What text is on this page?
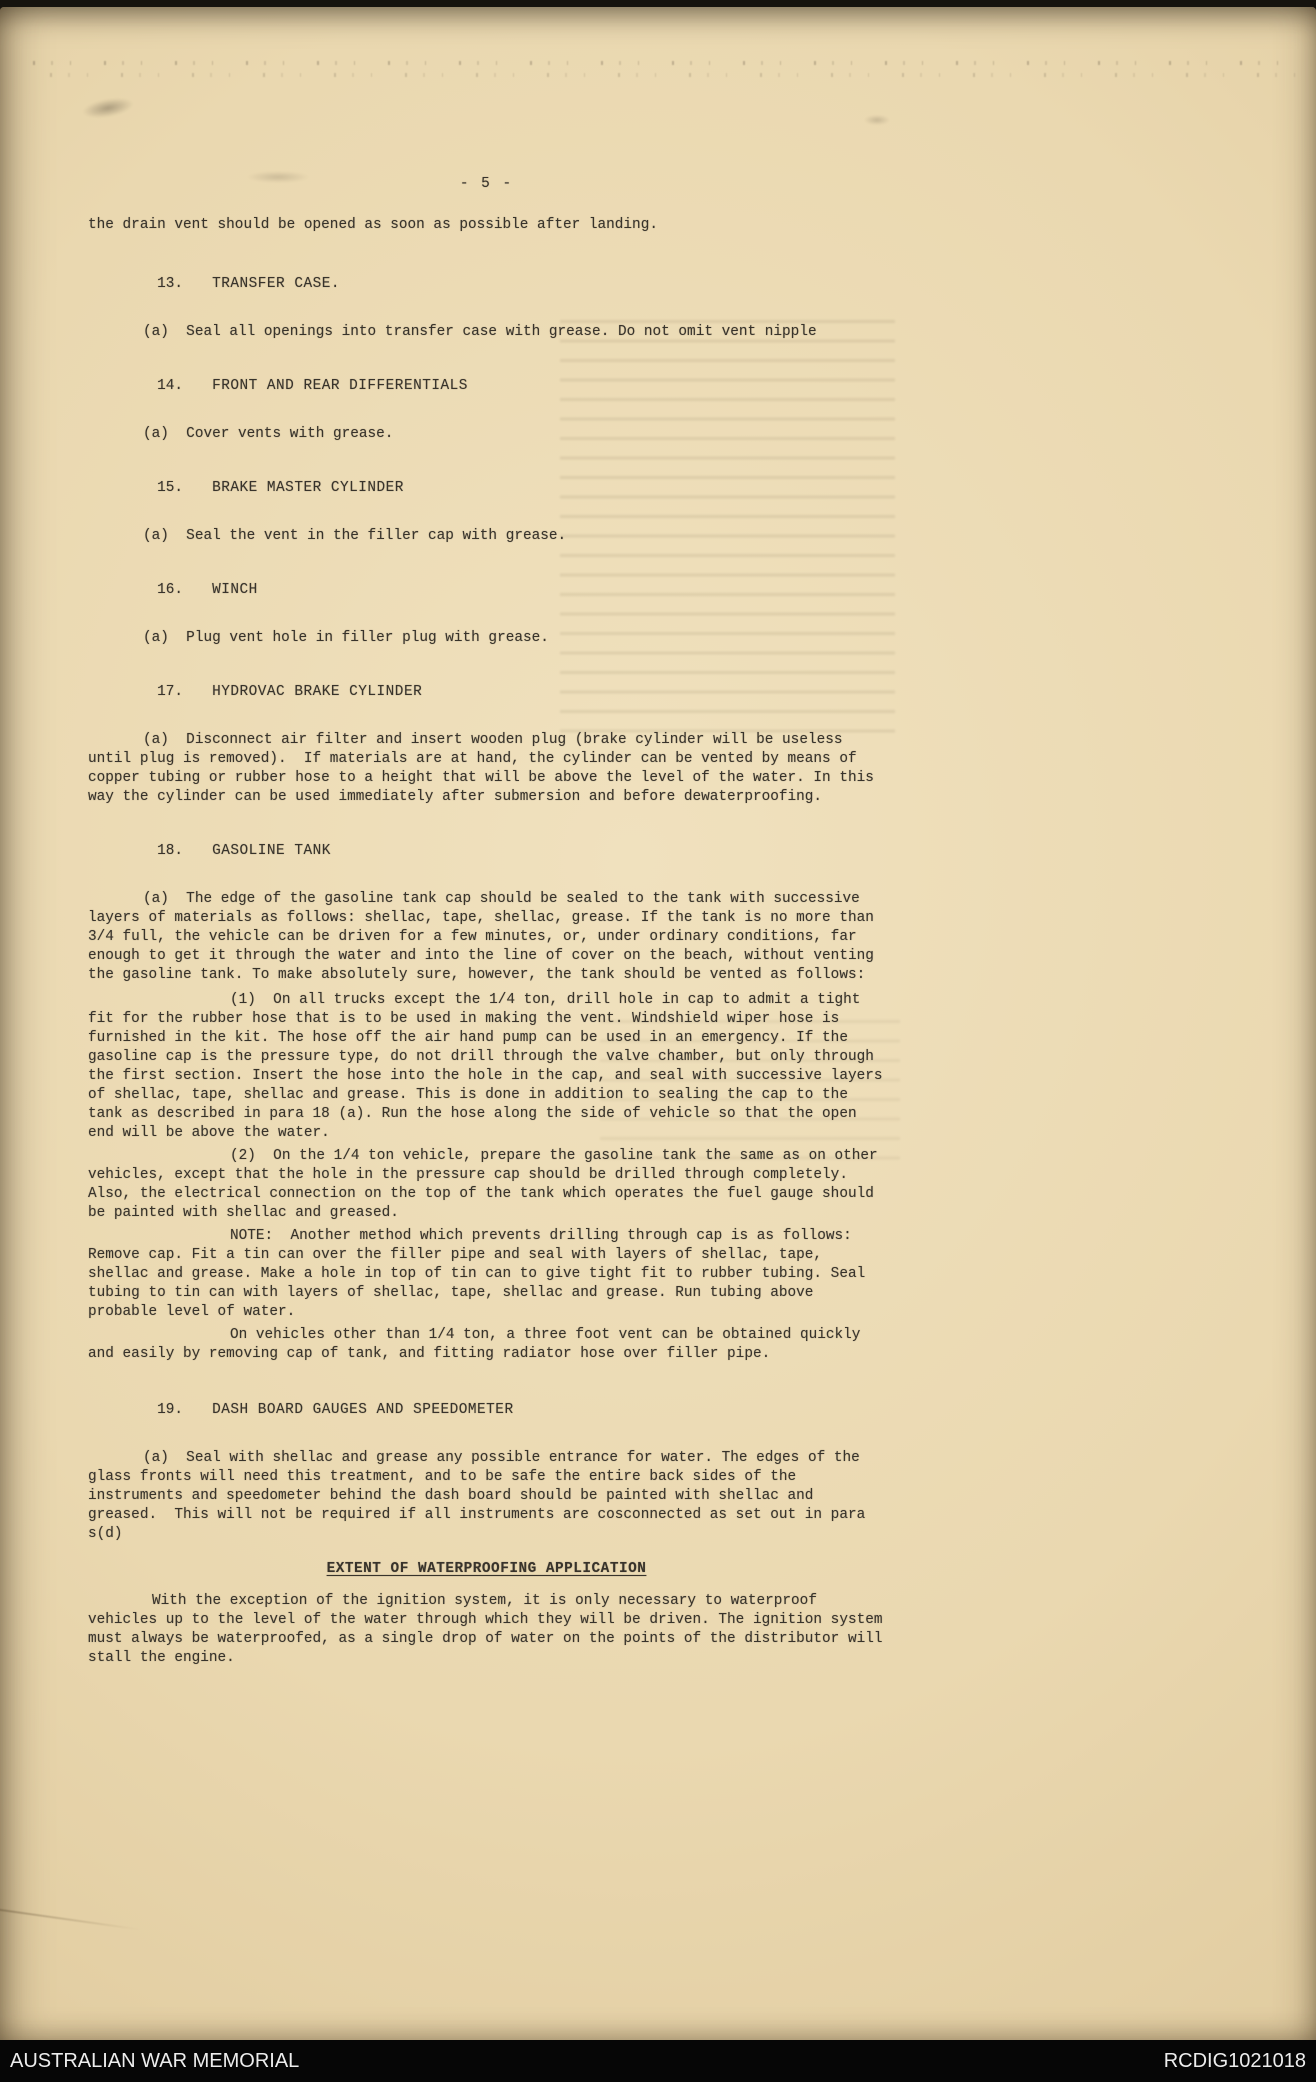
- 5 -

the drain vent should be opened as soon as possible after landing.

13. TRANSFER CASE.

(a)  Seal all openings into transfer case with grease. Do not omit vent nipple

14. FRONT AND REAR DIFFERENTIALS

(a)  Cover vents with grease.

15. BRAKE MASTER CYLINDER

(a)  Seal the vent in the filler cap with grease.

16. WINCH

(a)  Plug vent hole in filler plug with grease.

17. HYDROVAC BRAKE CYLINDER

(a)  Disconnect air filter and insert wooden plug (brake cylinder will be useless until plug is removed).  If materials are at hand, the cylinder can be vented by means of copper tubing or rubber hose to a height that will be above the level of the water. In this way the cylinder can be used immediately after submersion and before dewaterproofing.

18. GASOLINE TANK

(a)  The edge of the gasoline tank cap should be sealed to the tank with successive layers of materials as follows: shellac, tape, shellac, grease. If the tank is no more than 3/4 full, the vehicle can be driven for a few minutes, or, under ordinary conditions, far enough to get it through the water and into the line of cover on the beach, without venting the gasoline tank. To make absolutely sure, however, the tank should be vented as follows:

(1)  On all trucks except the 1/4 ton, drill hole in cap to admit a tight fit for the rubber hose that is to be used in making the vent. Windshield wiper hose is furnished in the kit. The hose off the air hand pump can be used in an emergency. If the gasoline cap is the pressure type, do not drill through the valve chamber, but only through the first section. Insert the hose into the hole in the cap, and seal with successive layers of shellac, tape, shellac and grease. This is done in addition to sealing the cap to the tank as described in para 18 (a). Run the hose along the side of vehicle so that the open end will be above the water.

(2)  On the 1/4 ton vehicle, prepare the gasoline tank the same as on other vehicles, except that the hole in the pressure cap should be drilled through completely. Also, the electrical connection on the top of the tank which operates the fuel gauge should be painted with shellac and greased.

NOTE:  Another method which prevents drilling through cap is as follows:  Remove cap. Fit a tin can over the filler pipe and seal with layers of shellac, tape, shellac and grease. Make a hole in top of tin can to give tight fit to rubber tubing. Seal tubing to tin can with layers of shellac, tape, shellac and grease. Run tubing above probable level of water.

On vehicles other than 1/4 ton, a three foot vent can be obtained quickly and easily by removing cap of tank, and fitting radiator hose over filler pipe.

19. DASH BOARD GAUGES AND SPEEDOMETER

(a)  Seal with shellac and grease any possible entrance for water. The edges of the glass fronts will need this treatment, and to be safe the entire back sides of the instruments and speedometer behind the dash board should be painted with shellac and greased.  This will not be required if all instruments are cosconnected as set out in para s(d)

EXTENT OF WATERPROOFING APPLICATION

With the exception of the ignition system, it is only necessary to waterproof vehicles up to the level of the water through which they will be driven. The ignition system must always be waterproofed, as a single drop of water on the points of the distributor will stall the engine.

AUSTRALIAN WAR MEMORIAL	RCDIG1021018
